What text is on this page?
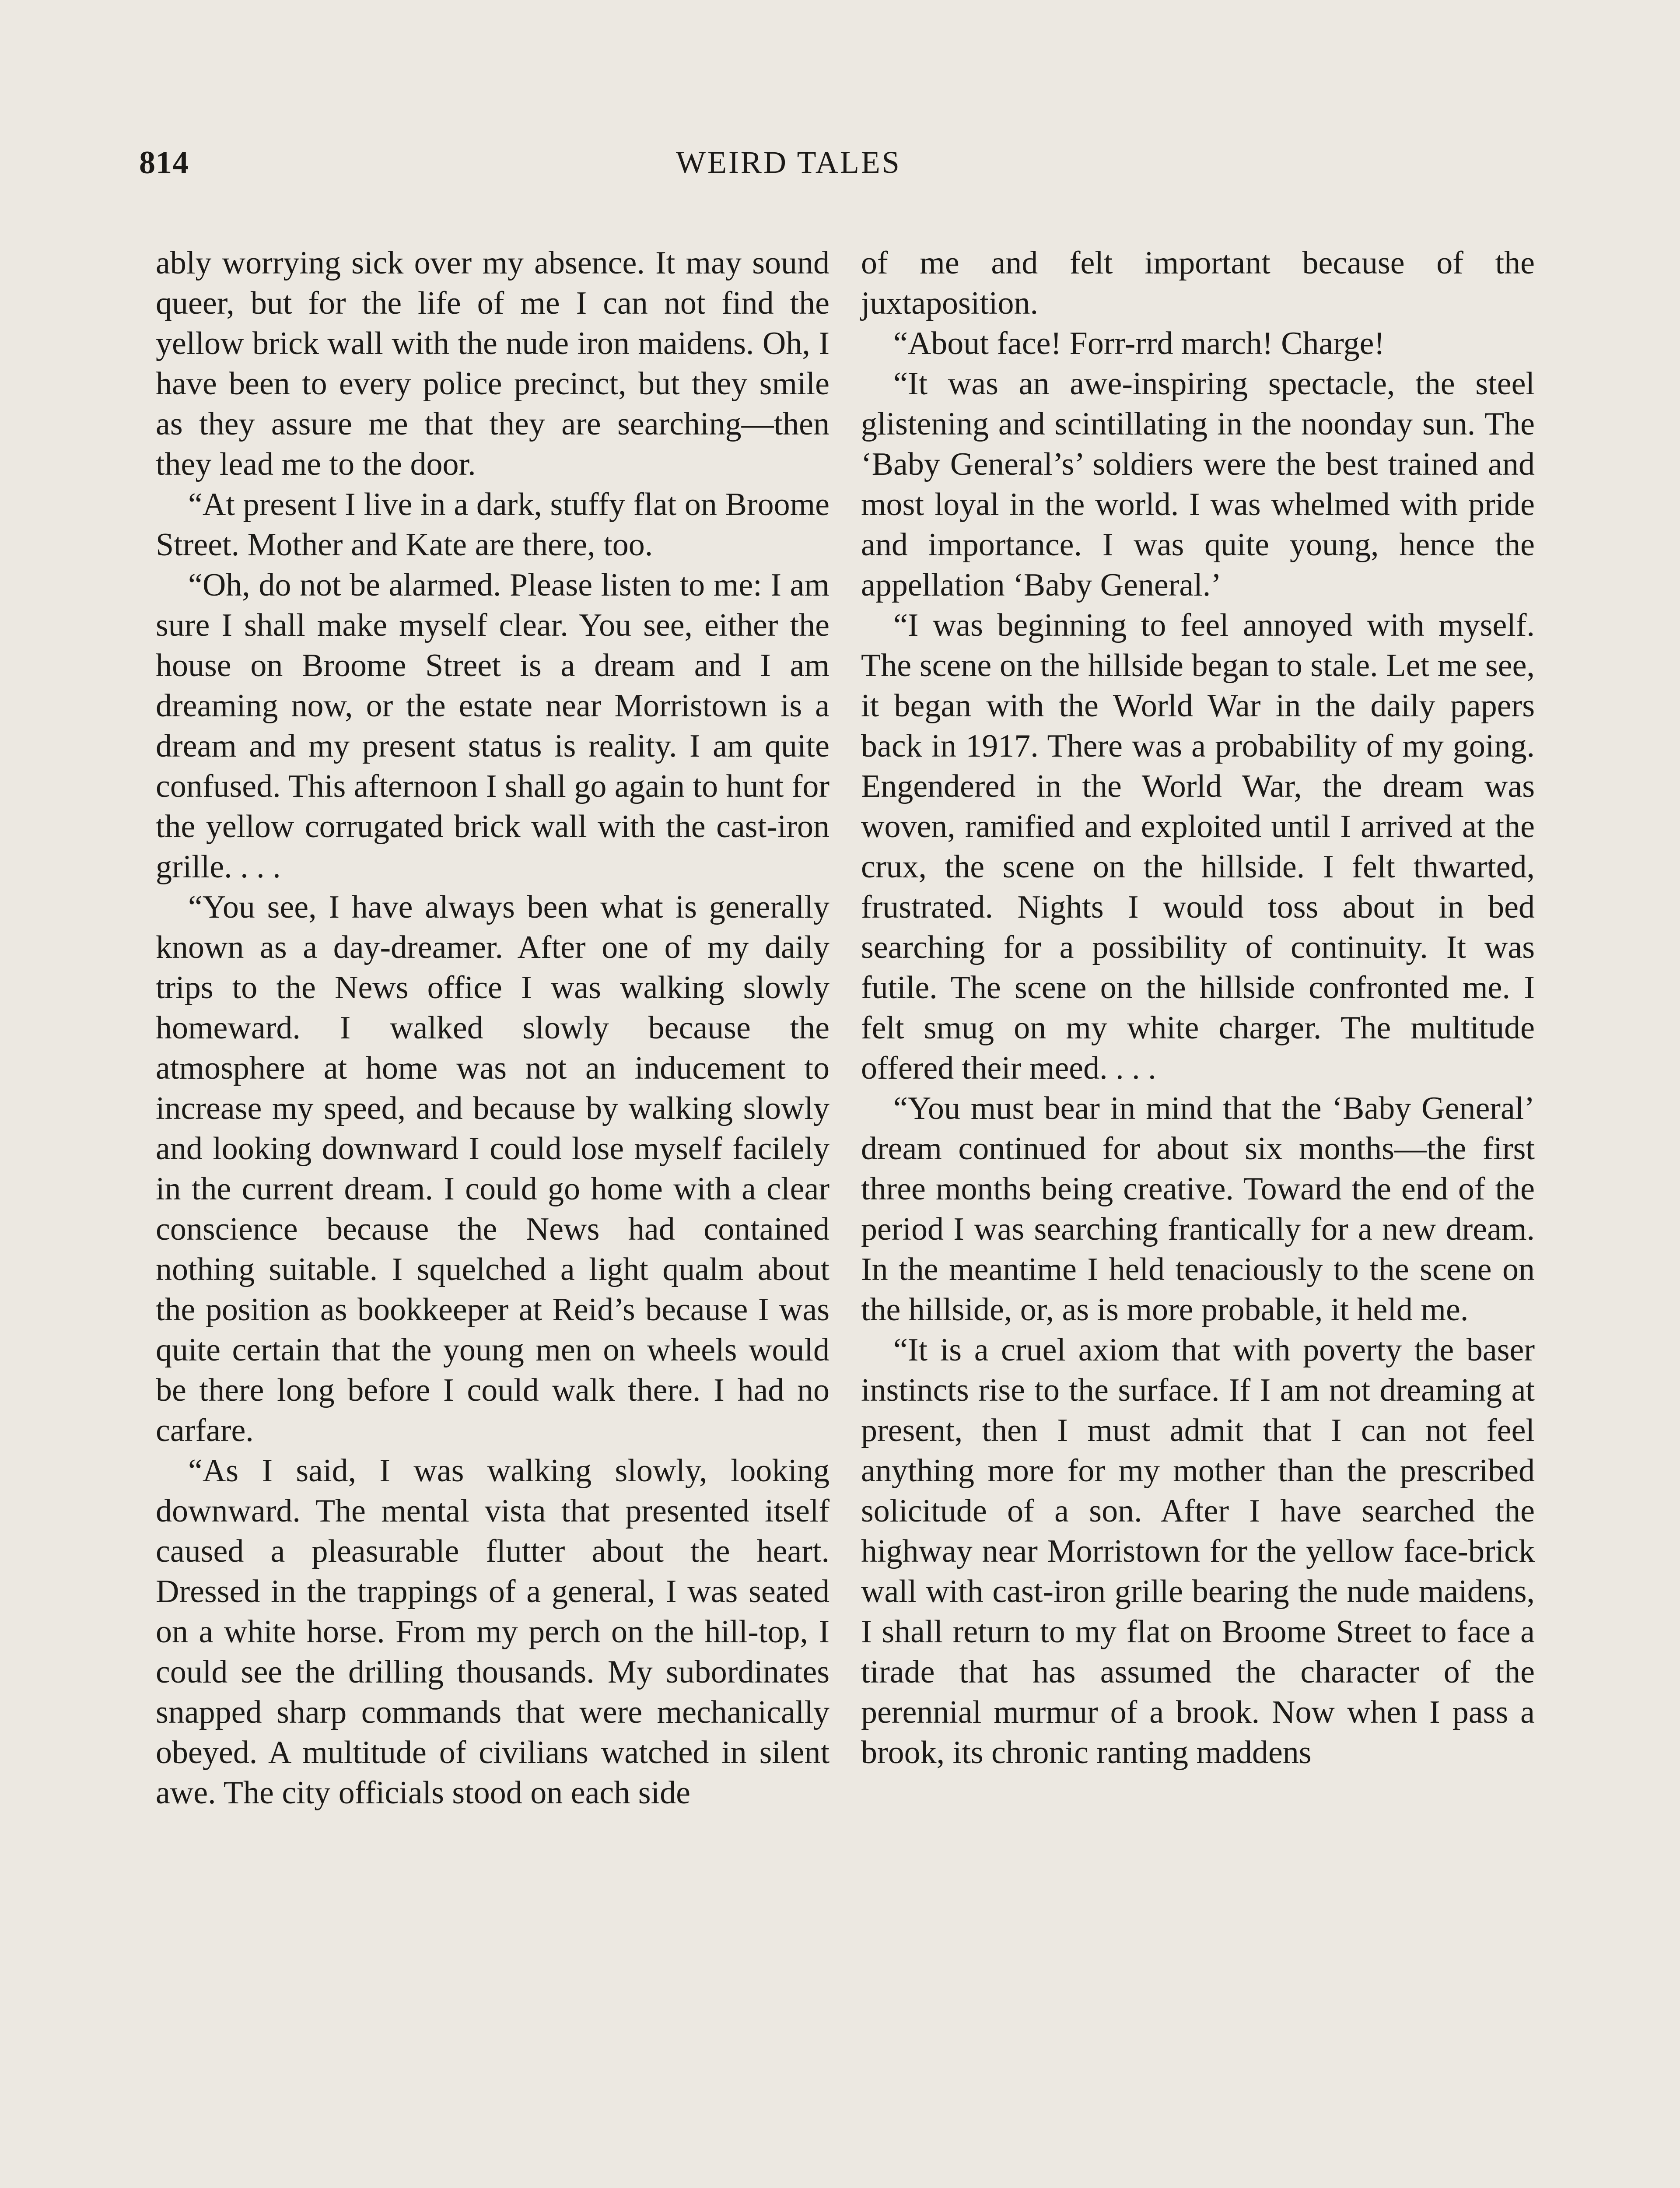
814	WEIRD TALES

ably worrying sick over my absence. It may sound queer, but for the life of me I can not find the yellow brick wall with the nude iron maidens. Oh, I have been to every police precinct, but they smile as they assure me that they are searching—then they lead me to the door.

“At present I live in a dark, stuffy flat on Broome Street. Mother and Kate are there, too.

“Oh, do not be alarmed. Please listen to me: I am sure I shall make myself clear. You see, either the house on Broome Street is a dream and I am dreaming now, or the estate near Morristown is a dream and my present status is reality. I am quite confused. This afternoon I shall go again to hunt for the yellow corrugated brick wall with the cast-iron grille. . . .

“You see, I have always been what is generally known as a day-dreamer. After one of my daily trips to the News office I was walking slowly homeward. I walked slowly because the atmosphere at home was not an inducement to increase my speed, and because by walking slowly and looking downward I could lose myself facilely in the current dream. I could go home with a clear conscience because the News had contained nothing suitable. I squelched a light qualm about the position as bookkeeper at Reid’s because I was quite certain that the young men on wheels would be there long before I could walk there. I had no carfare.

“As I said, I was walking slowly, looking downward. The mental vista that presented itself caused a pleasurable flutter about the heart. Dressed in the trappings of a general, I was seated on a white horse. From my perch on the hill-top, I could see the drilling thousands. My subordinates snapped sharp commands that were mechanically obeyed. A multitude of civilians watched in silent awe. The city officials stood on each side

of me and felt important because of the juxtaposition.

“About face! Forr-rrd march! Charge!

“It was an awe-inspiring spectacle, the steel glistening and scintillating in the noonday sun. The ‘Baby General’s’ soldiers were the best trained and most loyal in the world. I was whelmed with pride and importance. I was quite young, hence the appellation ‘Baby General.’

“I was beginning to feel annoyed with myself. The scene on the hillside began to stale. Let me see, it began with the World War in the daily papers back in 1917. There was a probability of my going. Engendered in the World War, the dream was woven, ramified and exploited until I arrived at the crux, the scene on the hillside. I felt thwarted, frustrated. Nights I would toss about in bed searching for a possibility of continuity. It was futile. The scene on the hillside confronted me. I felt smug on my white charger. The multitude offered their meed. . . .

“You must bear in mind that the ‘Baby General’ dream continued for about six months—the first three months being creative. Toward the end of the period I was searching frantically for a new dream. In the meantime I held tenaciously to the scene on the hillside, or, as is more probable, it held me.

“It is a cruel axiom that with poverty the baser instincts rise to the surface. If I am not dreaming at present, then I must admit that I can not feel anything more for my mother than the prescribed solicitude of a son. After I have searched the highway near Morristown for the yellow face-brick wall with cast-iron grille bearing the nude maidens, I shall return to my flat on Broome Street to face a tirade that has assumed the character of the perennial murmur of a brook. Now when I pass a brook, its chronic ranting maddens
